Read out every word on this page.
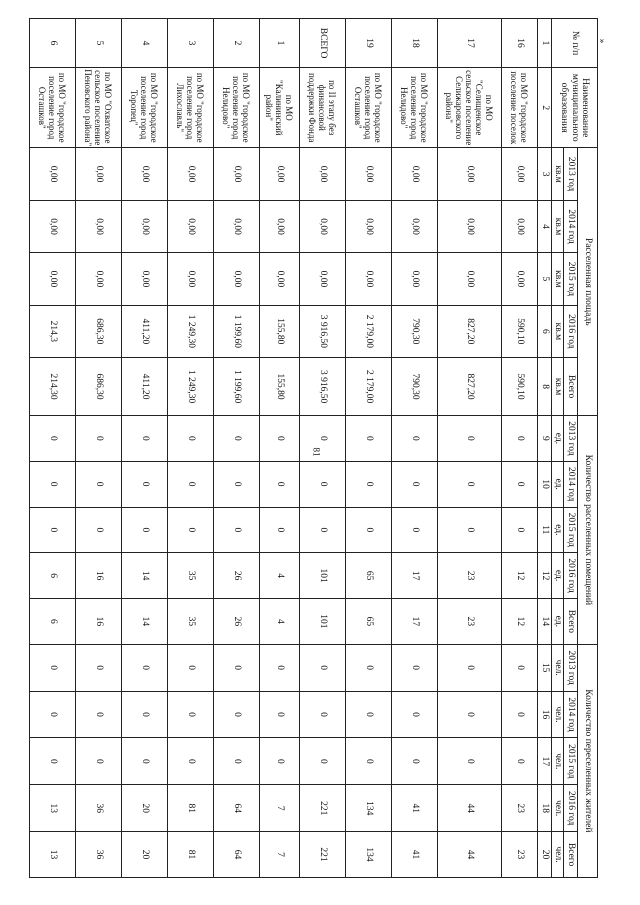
81
»
№ п/п	Наименование муниципального образования	Расселенная площадь					Количество расселенных помещений					Количество переселенных жителей				
		2013 год	2014 год	2015 год	2016 год	Всего	2013 год	2014 год	2015 год	2016 год	Всего	2013 год	2014 год	2015 год	2016 год	Всего
		кв.м	кв.м	кв.м	кв.м	кв.м	ед.	ед.	ед.	ед.	ед.	чел.	чел.	чел.	чел.	чел.
1	2	3	4	5	6	8	9	10	11	12	14	15	16	17	18	20
16	по МО "городское поселение поселок	0,00	0,00	0,00	590,10	590,10	0	0	0	12	12	0	0	0	23	23
17	по МО "Селищенское сельское поселение Селижаровского района"	0,00	0,00	0,00	827,20	827,20	0	0	0	23	23	0	0	0	44	44
18	по МО "городское поселение город Нелидово"	0,00	0,00	0,00	790,30	790,30	0	0	0	17	17	0	0	0	41	41
19	по МО "городское поселение город Осташков"	0,00	0,00	0,00	2 179,00	2 179,00	0	0	0	65	65	0	0	0	134	134
ВСЕГО	по II этапу без финансовой поддержки Фонда	0,00	0,00	0,00	3 916,50	3 916,50	0	0	0	101	101	0	0	0	221	221
1	по МО "Калининский район"	0,00	0,00	0,00	155,80	155,80	0	0	0	4	4	0	0	0	7	7
2	по МО "городское поселение город Нелидово"	0,00	0,00	0,00	1 199,60	1 199,60	0	0	0	26	26	0	0	0	64	64
3	по МО "городское поселение город Лихославль"	0,00	0,00	0,00	1 249,30	1 249,30	0	0	0	35	35	0	0	0	81	81
4	по МО "городское поселение город Торопец"	0,00	0,00	0,00	411,20	411,20	0	0	0	14	14	0	0	0	20	20
5	по МО "Охватское сельское поселение Пеновского района"	0,00	0,00	0,00	686,30	686,30	0	0	0	16	16	0	0	0	36	36
6	по МО "городское поселение город Осташков"	0,00	0,00	0,00	214,3	214,30	0	0	0	6	6	0	0	0	13	13
